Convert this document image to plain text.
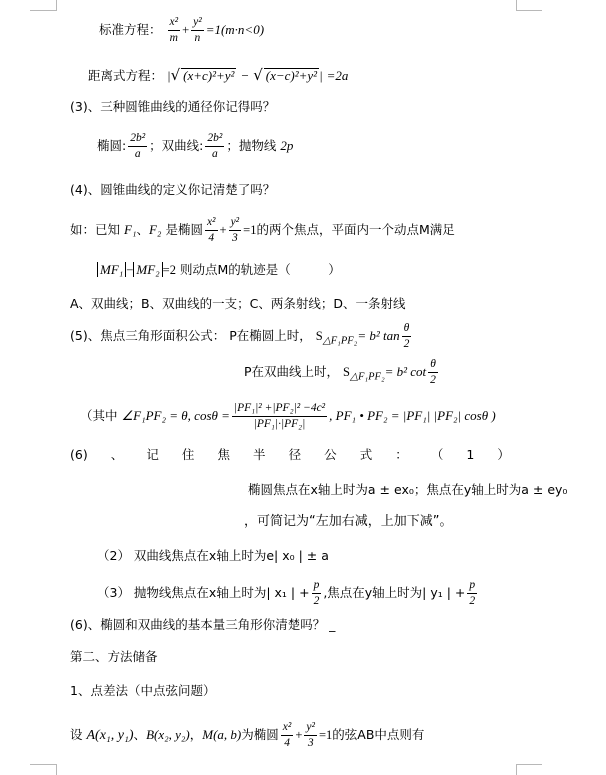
标准方程： $\frac{\text{x²}}{m} + \frac{\text{y²}}{n} =1(m\cdot n<0)$
距离式方程： |√ (x+c)²+y² − √ (x−c)²+y² | =2a
(3)、三种圆锥曲线的通径你记得吗？
椭圆: $\frac{\text{2b²}}{a}$ ；双曲线: $\frac{\text{2b²}}{a}$ ；抛物线 2p
(4)、圆锥曲线的定义你记清楚了吗？
如：已知 F₁、F₂ 是椭圆 $\frac{\text{x²}}{4} + \frac{\text{y²}}{3} =1$的两个焦点，平面内一个动点M满足
MF₁ − MF₂ =2 则动点M的轨迹是（　　　）
A、双曲线；B、双曲线的一支；C、两条射线；D、一条射线
(5)、焦点三角形面积公式： P在椭圆上时， $S_{\triangle F_1PF_2}= b^2$ $\tan \frac{\theta}{2}$
P在双曲线上时， $S_{\triangle F_1PF_2}= b^2$ $\cot \frac{\theta}{2}$
（其中 ∠F₁PF₂ = θ, $\cos\theta = \frac{\text{|PF₁|² +|PF₂|² −4c²}}{\text{|PF₁|·|PF₂|}}$ , PF₁ • PF₂ = |PF₁| |PF₂| cosθ )
(6) 、 记 住 焦 半 径 公 式 ： （ 1 ）
椭圆焦点在x轴上时为a ± ex₀；焦点在y轴上时为a ± ey₀
，可简记为“左加右减，上加下减”。
（2） 双曲线焦点在x轴上时为e| x₀ | ± a
（3） 抛物线焦点在x轴上时为| x₁ | + $\frac{p}{2}$ ,焦点在y轴上时为| y₁ | + $\frac{p}{2}$
(6)、椭圆和双曲线的基本量三角形你清楚吗？ _
第二、方法储备
1、点差法（中点弦问题）
设 A(x₁, y₁)、B(x₂, y₂)，M(a, b)为椭圆 $\frac{\text{x²}}{4} + \frac{\text{y²}}{3} =1$的弦AB中点则有
